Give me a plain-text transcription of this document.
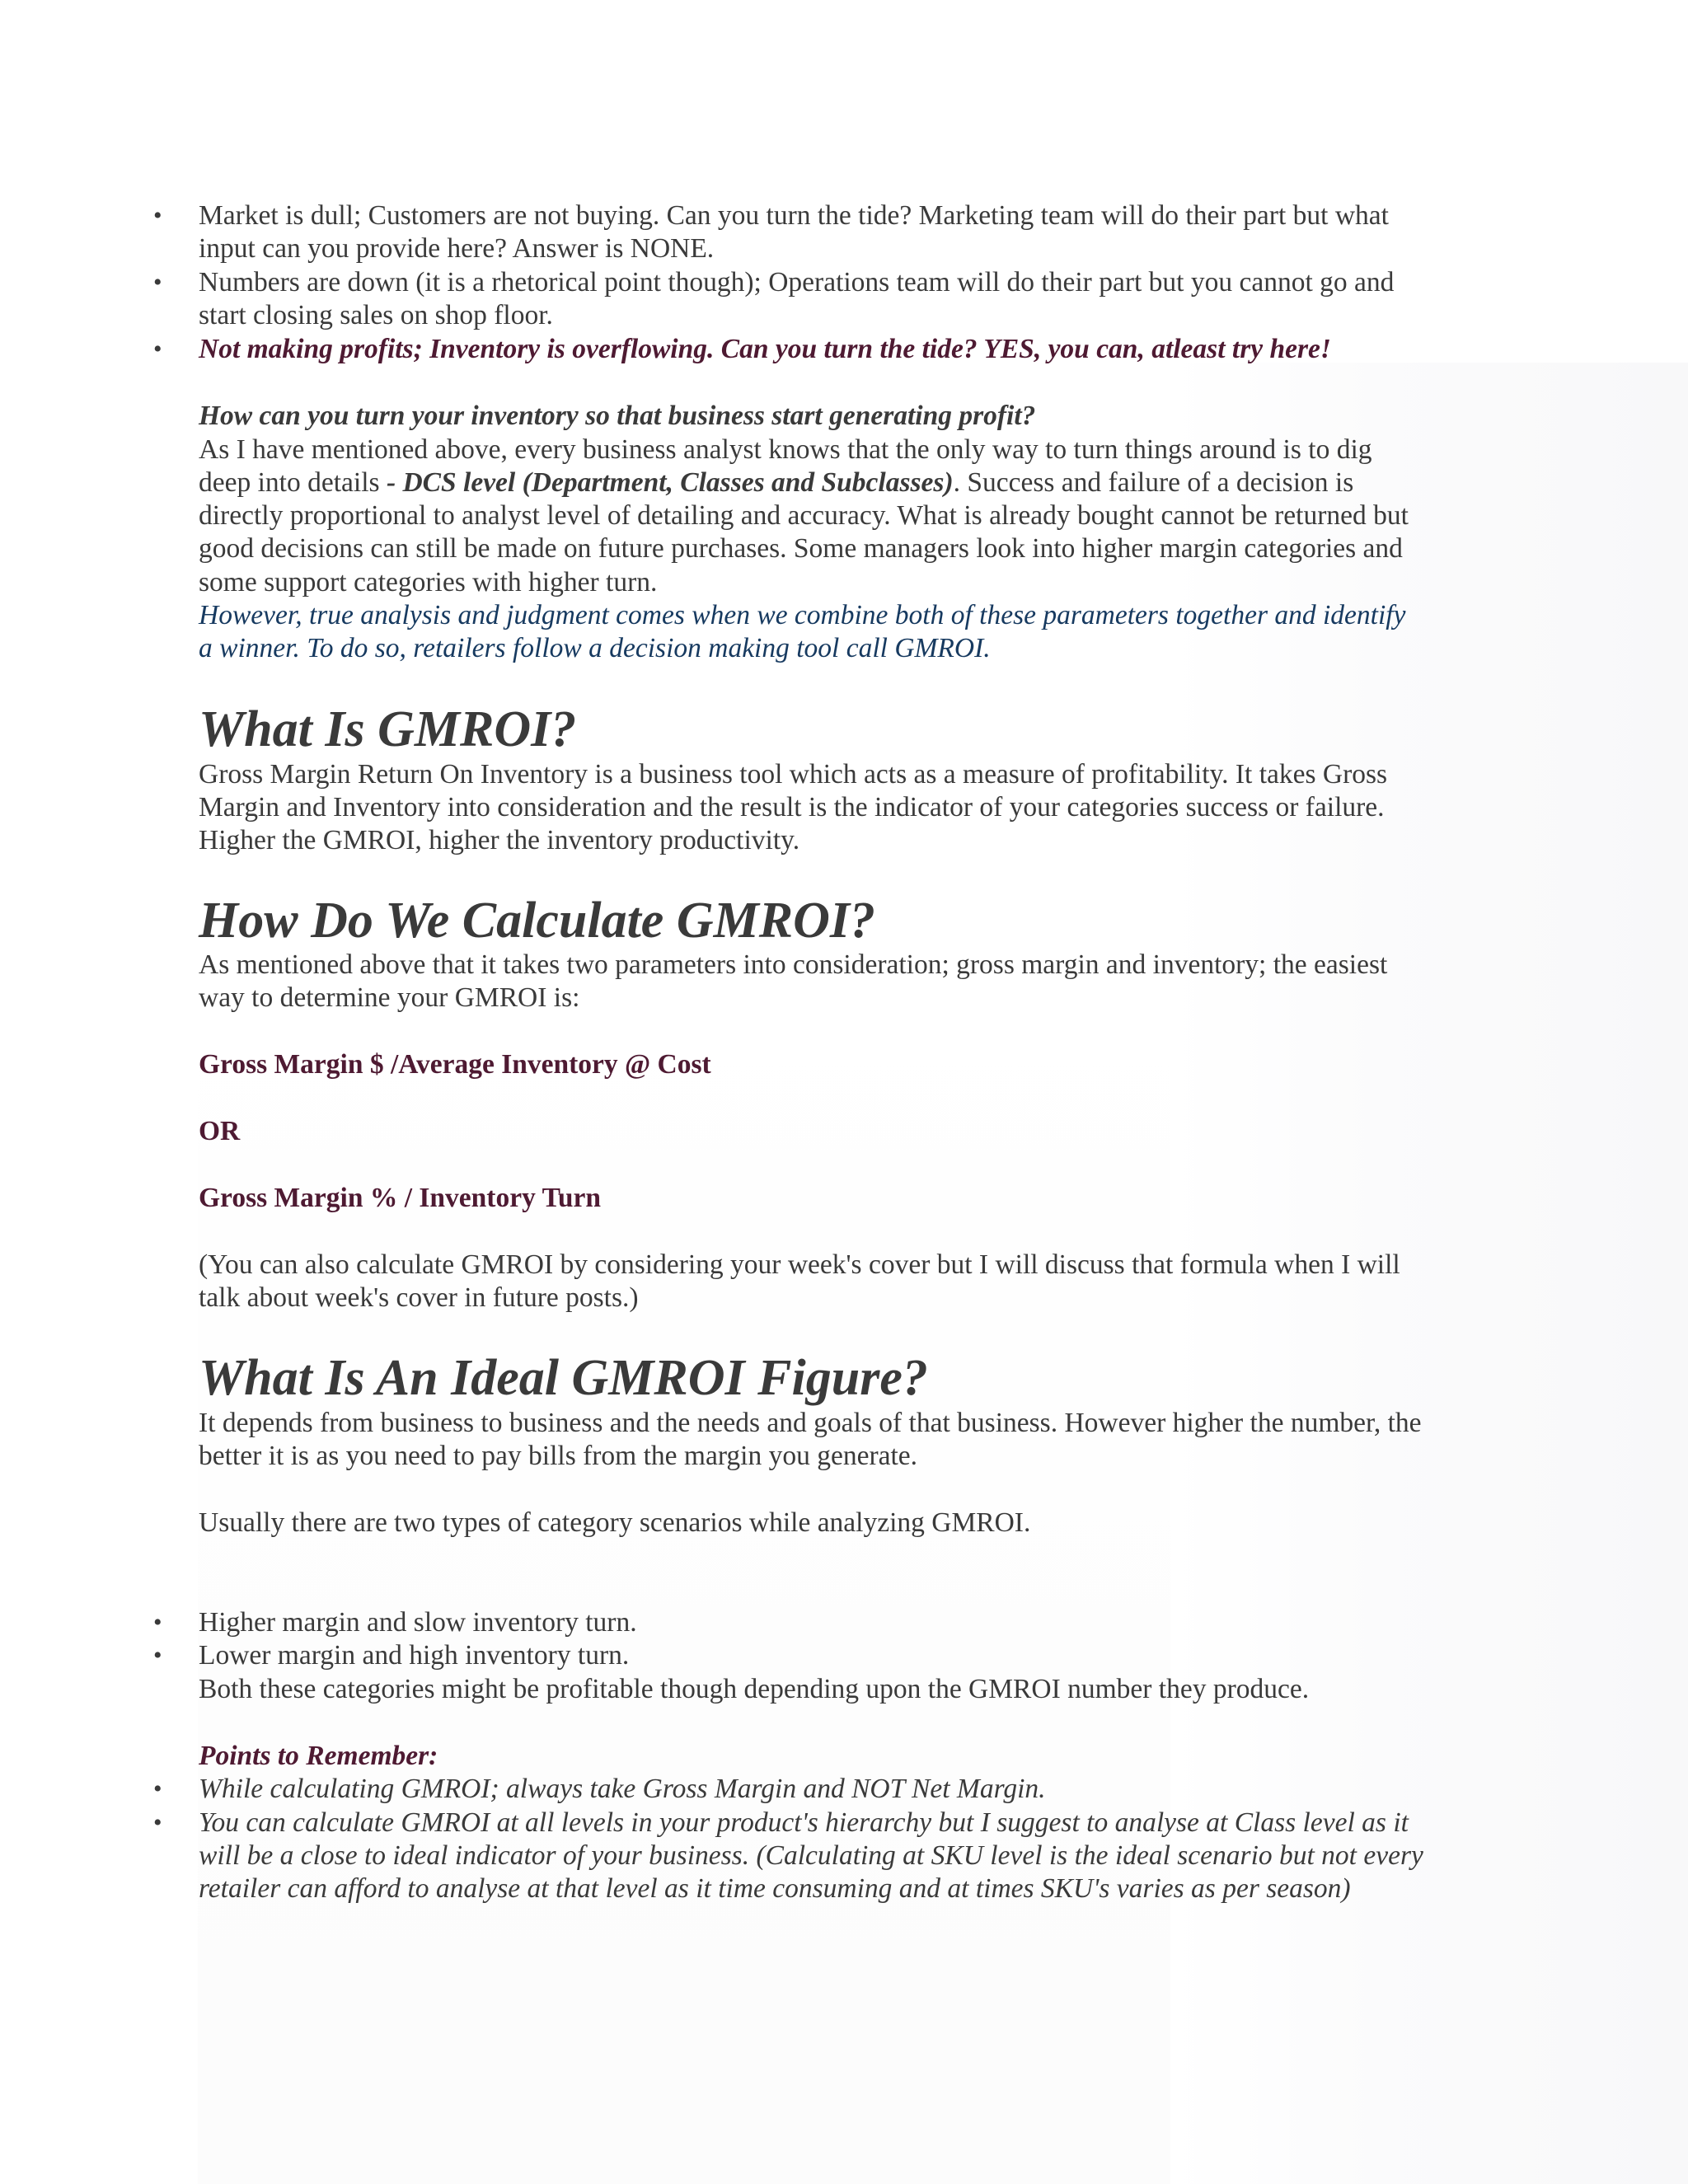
• Market is dull; Customers are not buying. Can you turn the tide? Marketing team will do their part but what
input can you provide here? Answer is NONE.
• Numbers are down (it is a rhetorical point though); Operations team will do their part but you cannot go and
start closing sales on shop floor.
• Not making profits; Inventory is overflowing. Can you turn the tide? YES, you can, atleast try here!
How can you turn your inventory so that business start generating profit?
As I have mentioned above, every business analyst knows that the only way to turn things around is to dig
deep into details - DCS level (Department, Classes and Subclasses). Success and failure of a decision is
directly proportional to analyst level of detailing and accuracy. What is already bought cannot be returned but
good decisions can still be made on future purchases. Some managers look into higher margin categories and
some support categories with higher turn.
However, true analysis and judgment comes when we combine both of these parameters together and identify
a winner. To do so, retailers follow a decision making tool call GMROI.
What Is GMROI?
Gross Margin Return On Inventory is a business tool which acts as a measure of profitability. It takes Gross
Margin and Inventory into consideration and the result is the indicator of your categories success or failure.
Higher the GMROI, higher the inventory productivity.
How Do We Calculate GMROI?
As mentioned above that it takes two parameters into consideration; gross margin and inventory; the easiest
way to determine your GMROI is:
Gross Margin $ /Average Inventory @ Cost
OR
Gross Margin % / Inventory Turn
(You can also calculate GMROI by considering your week's cover but I will discuss that formula when I will
talk about week's cover in future posts.)
What Is An Ideal GMROI Figure?
It depends from business to business and the needs and goals of that business. However higher the number, the
better it is as you need to pay bills from the margin you generate.
Usually there are two types of category scenarios while analyzing GMROI.
• Higher margin and slow inventory turn.
• Lower margin and high inventory turn.
Both these categories might be profitable though depending upon the GMROI number they produce.
Points to Remember:
• While calculating GMROI; always take Gross Margin and NOT Net Margin.
• You can calculate GMROI at all levels in your product's hierarchy but I suggest to analyse at Class level as it
will be a close to ideal indicator of your business. (Calculating at SKU level is the ideal scenario but not every
retailer can afford to analyse at that level as it time consuming and at times SKU's varies as per season)
